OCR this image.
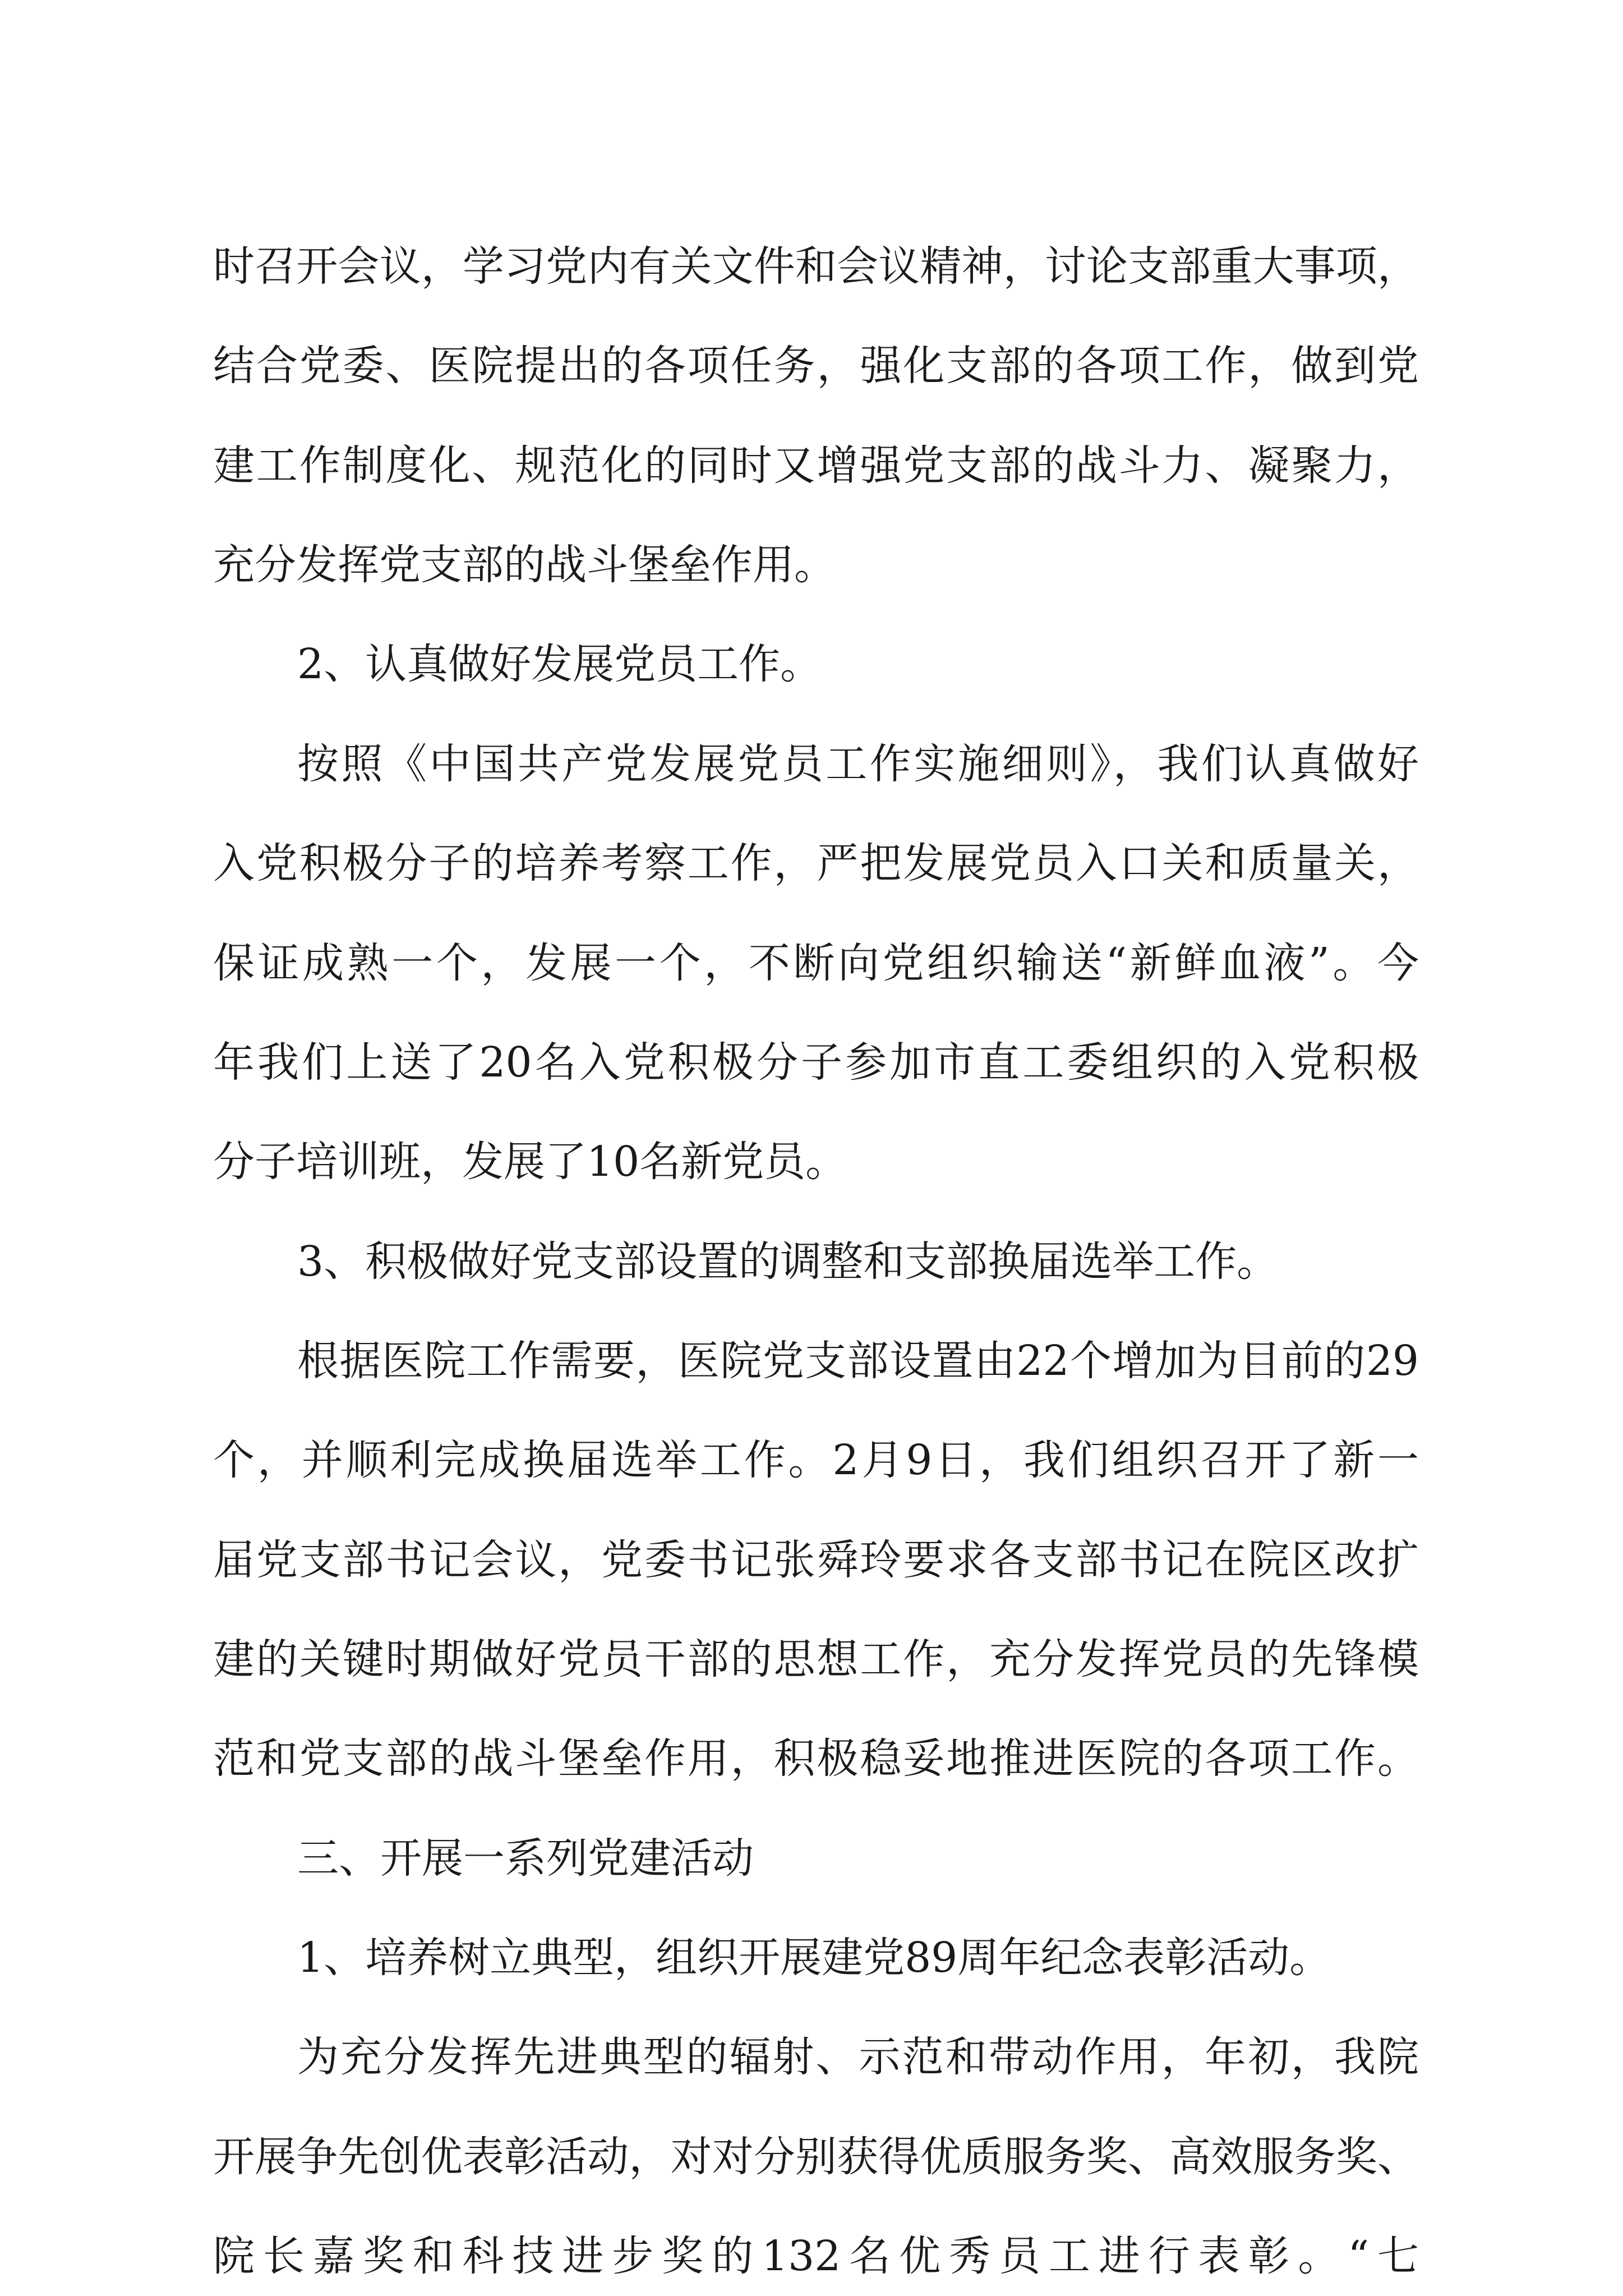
时召开会议，学习党内有关文件和会议精神，讨论支部重大事项，
结合党委、医院提出的各项任务，强化支部的各项工作，做到党
建工作制度化、规范化的同时又增强党支部的战斗力、凝聚力，
充分发挥党支部的战斗堡垒作用。
2、认真做好发展党员工作。
按照《中国共产党发展党员工作实施细则》，我们认真做好
入党积极分子的培养考察工作，严把发展党员入口关和质量关，
保证成熟一个，发展一个，不断向党组织输送“新鲜血液”。今
年我们上送了20名入党积极分子参加市直工委组织的入党积极
分子培训班，发展了10名新党员。
3、积极做好党支部设置的调整和支部换届选举工作。
根据医院工作需要，医院党支部设置由22个增加为目前的29
个，并顺利完成换届选举工作。2月9日，我们组织召开了新一
届党支部书记会议，党委书记张舜玲要求各支部书记在院区改扩
建的关键时期做好党员干部的思想工作，充分发挥党员的先锋模
范和党支部的战斗堡垒作用，积极稳妥地推进医院的各项工作。
三、开展一系列党建活动
1、培养树立典型，组织开展建党89周年纪念表彰活动。
为充分发挥先进典型的辐射、示范和带动作用，年初，我院
开展争先创优表彰活动，对对分别获得优质服务奖、高效服务奖、
院长嘉奖和科技进步奖的132名优秀员工进行表彰。“七
